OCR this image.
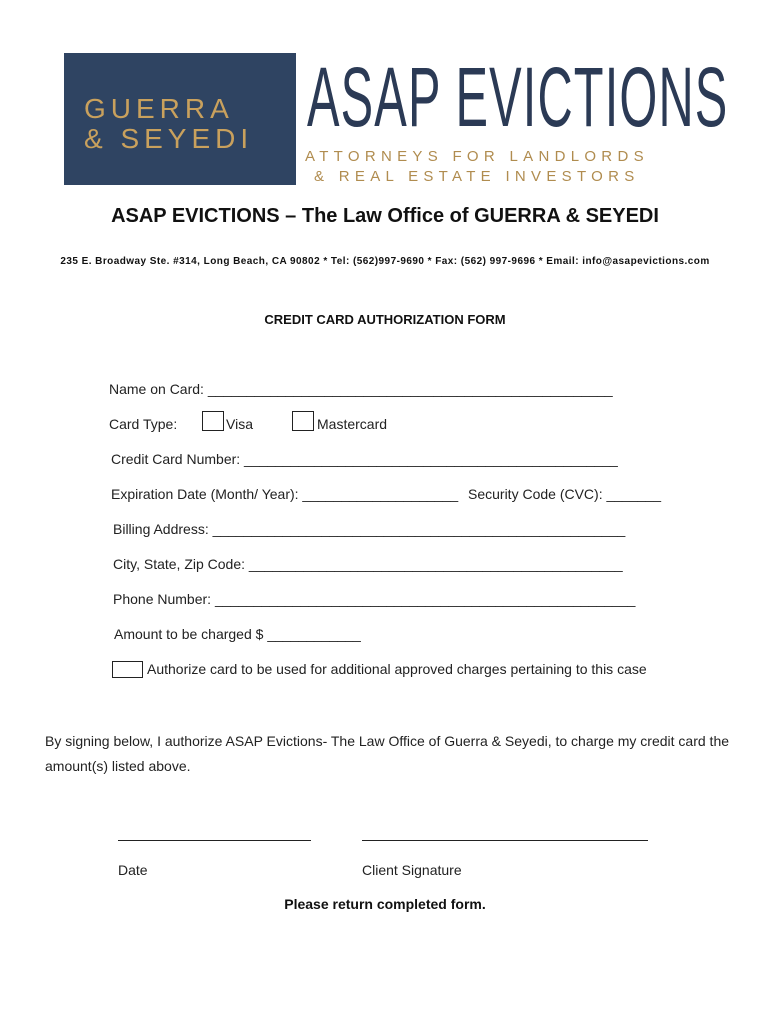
GUERRA
& SEYEDI ASAP EVICTIONS
ATTORNEYS FOR LANDLORDS
& REAL ESTATE INVESTORS
ASAP EVICTIONS – The Law Office of GUERRA & SEYEDI
235 E. Broadway Ste. #314, Long Beach, CA 90802 * Tel: (562)997-9690 * Fax: (562) 997-9696 * Email: info@asapevictions.com
CREDIT CARD AUTHORIZATION FORM
Name on Card: ____________________________________________________
Card Type:	Visa	Mastercard
Credit Card Number: ________________________________________________
Expiration Date (Month/ Year): ____________________ Security Code (CVC): _______
Billing Address: _____________________________________________________
City, State, Zip Code: ________________________________________________
Phone Number: ______________________________________________________
Amount to be charged $ ____________
Authorize card to be used for additional approved charges pertaining to this case
By signing below, I authorize ASAP Evictions- The Law Office of Guerra & Seyedi, to charge my credit card the
amount(s) listed above.
Date	Client Signature
Please return completed form.
